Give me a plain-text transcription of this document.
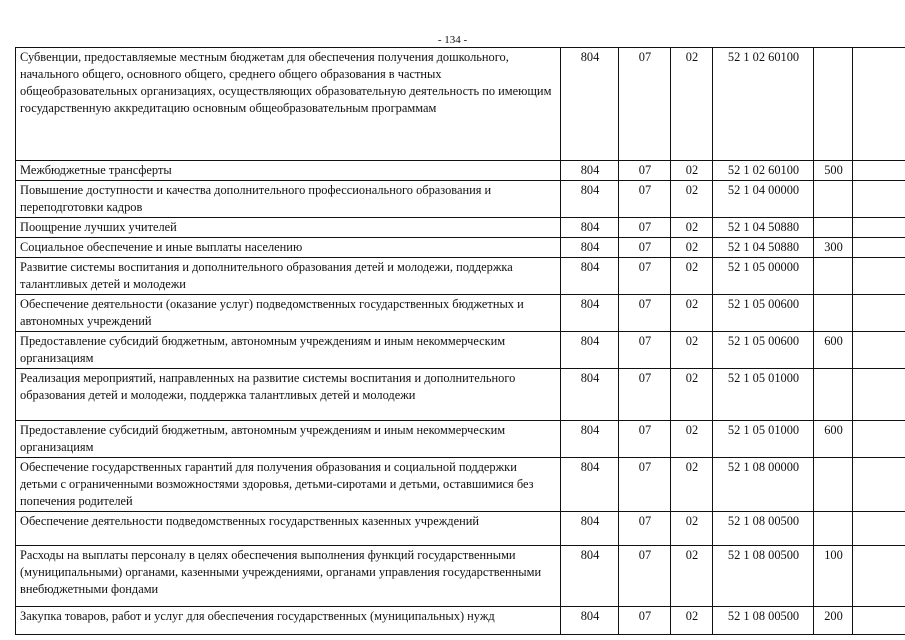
- 134 -
Субвенции, предоставляемые местным бюджетам для обеспечения получения дошкольного, начального общего, основного общего, среднего общего образования в частных общеобразовательных организациях, осуществляющих образовательную деятельность по имеющим государственную аккредитацию основным общеобразовательным программам	804	07	02	52 1 02 60100		
Межбюджетные трансферты	804	07	02	52 1 02 60100	500	
Повышение доступности и качества дополнительного профессионального образования и переподготовки кадров	804	07	02	52 1 04 00000		
Поощрение лучших учителей	804	07	02	52 1 04 50880		
Социальное обеспечение и иные выплаты населению	804	07	02	52 1 04 50880	300	
Развитие системы воспитания и дополнительного образования детей и молодежи, поддержка талантливых детей и молодежи	804	07	02	52 1 05 00000		
Обеспечение деятельности (оказание услуг) подведомственных государственных бюджетных и автономных учреждений	804	07	02	52 1 05 00600		
Предоставление субсидий бюджетным, автономным учреждениям и иным некоммерческим организациям	804	07	02	52 1 05 00600	600	
Реализация мероприятий, направленных на развитие системы воспитания и дополнительного образования детей и молодежи, поддержка талантливых детей и молодежи	804	07	02	52 1 05 01000		
Предоставление субсидий бюджетным, автономным учреждениям и иным некоммерческим организациям	804	07	02	52 1 05 01000	600	
Обеспечение государственных гарантий для получения образования и социальной поддержки детьми с ограниченными возможностями здоровья, детьми-сиротами и детьми, оставшимися без попечения родителей	804	07	02	52 1 08 00000		
Обеспечение деятельности подведомственных государственных казенных учреждений	804	07	02	52 1 08 00500		
Расходы на выплаты персоналу в целях обеспечения выполнения функций государственными (муниципальными) органами, казенными учреждениями, органами управления государственными внебюджетными фондами	804	07	02	52 1 08 00500	100	
Закупка товаров, работ и услуг для обеспечения государственных (муниципальных) нужд	804	07	02	52 1 08 00500	200	
